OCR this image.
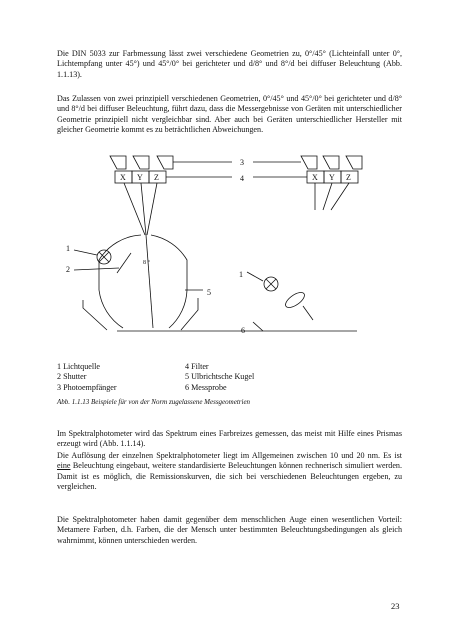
Die DIN 5033 zur Farbmessung lässt zwei verschiedene Geometrien zu, 0°/45° (Lichteinfall unter 0°, Lichtempfang unter 45°) und 45°/0° bei gerichteter und d/8° und 8°/d bei diffuser Beleuchtung (Abb. 1.1.13).

Das Zulassen von zwei prinzipiell verschiedenen Geometrien, 0°/45° und 45°/0° bei gerichteter und d/8° und 8°/d bei diffuser Beleuchtung, führt dazu, dass die Messergebnisse von Geräten mit unterschiedlicher Geometrie prinzipiell nicht vergleichbar sind. Aber auch bei Geräten unterschiedlicher Hersteller mit gleicher Geometrie kommt es zu beträchtlichen Abweichungen.

X Y Z	X Y Z
3
4
1
2
8 °
5
1
6
1 Lichtquelle
2 Shutter
3 Photoempfänger
4 Filter
5 Ulbrichtsche Kugel
6 Messprobe
Abb. 1.1.13 Beispiele für von der Norm zugelassene Messgeometrien

Im Spektralphotometer wird das Spektrum eines Farbreizes gemessen, das meist mit Hilfe eines Prismas erzeugt wird (Abb. 1.1.14).

Die Auflösung der einzelnen Spektralphotometer liegt im Allgemeinen zwischen 10 und 20 nm. Es ist eine Beleuchtung eingebaut, weitere standardisierte Beleuchtungen können rechnerisch simuliert werden. Damit ist es möglich, die Remissionskurven, die sich bei verschiedenen Beleuchtungen ergeben, zu vergleichen.

Die Spektralphotometer haben damit gegenüber dem menschlichen Auge einen wesentlichen Vorteil: Metamere Farben, d.h. Farben, die der Mensch unter bestimmten Beleuchtungsbedingungen als gleich wahrnimmt, können unterschieden werden.

23
